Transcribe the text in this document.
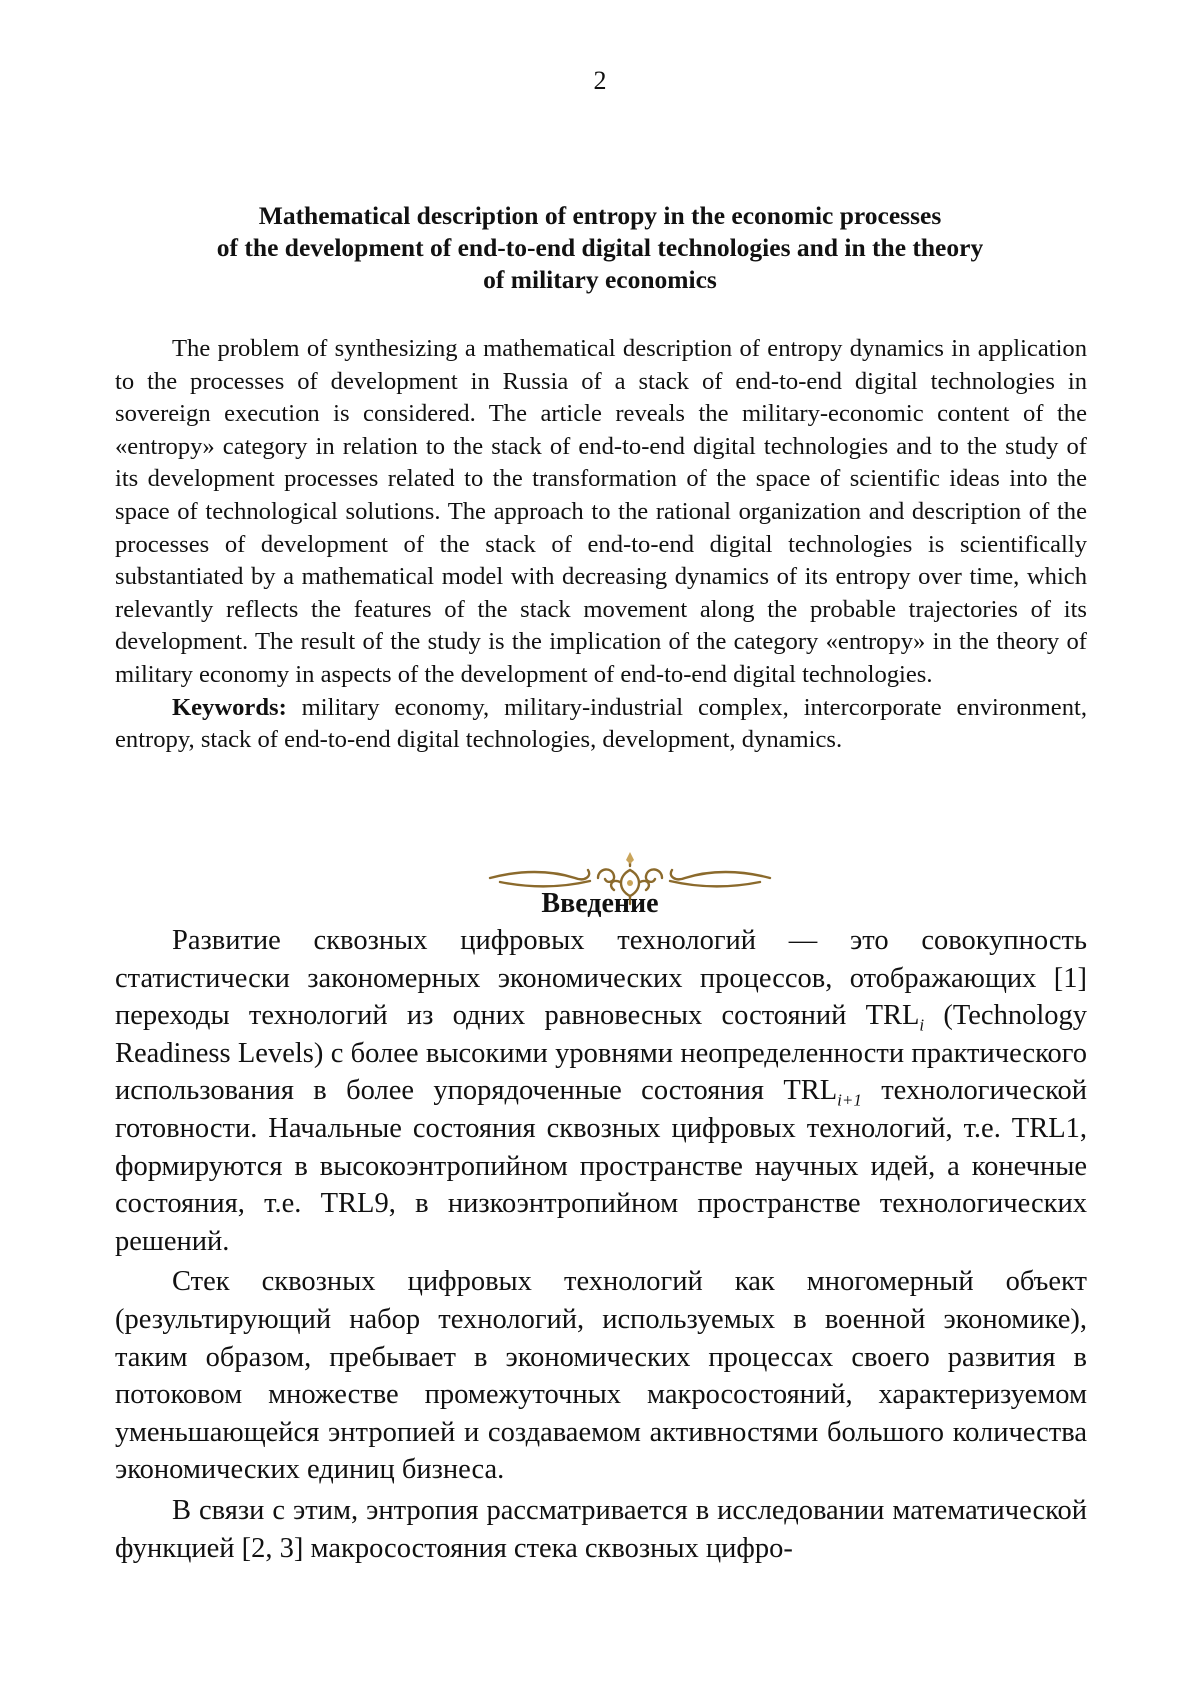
2
Mathematical description of entropy in the economic processes
of the development of end-to-end digital technologies and in the theory
of military economics

The problem of synthesizing a mathematical description of entropy dynamics in application to the processes of development in Russia of a stack of end-to-end digital technologies in sovereign execution is considered. The article reveals the military-economic content of the «entropy» category in relation to the stack of end-to-end digital technologies and to the study of its development processes related to the transformation of the space of scientific ideas into the space of technological solutions. The approach to the rational organization and description of the processes of development of the stack of end-to-end digital technologies is scientifically substantiated by a mathematical model with decreasing dynamics of its entropy over time, which relevantly reflects the features of the stack movement along the probable trajectories of its development. The result of the study is the implication of the category «entropy» in the theory of military economy in aspects of the development of end-to-end digital technologies.

Keywords: military economy, military-industrial complex, intercorporate environment, entropy, stack of end-to-end digital technologies, development, dynamics.

Введение

Развитие сквозных цифровых технологий — это совокупность статистически закономерных экономических процессов, отображающих [1] переходы технологий из одних равновесных состояний $TRL_i$ (Technology Readiness Levels) с более высокими уровнями неопределенности практического использования в более упорядоченные состояния $TRL_{i+1}$ технологической готовности. Начальные состояния сквозных цифровых технологий, т.е. TRL1, формируются в высокоэнтропийном пространстве научных идей, а конечные состояния, т.е. TRL9, в низкоэнтропийном пространстве технологических решений.

Стек сквозных цифровых технологий как многомерный объект (результирующий набор технологий, используемых в военной экономике), таким образом, пребывает в экономических процессах своего развития в потоковом множестве промежуточных макросостояний, характеризуемом уменьшающейся энтропией и создаваемом активностями большого количества экономических единиц бизнеса.

В связи с этим, энтропия рассматривается в исследовании математической функцией [2, 3] макросостояния стека сквозных цифро-
